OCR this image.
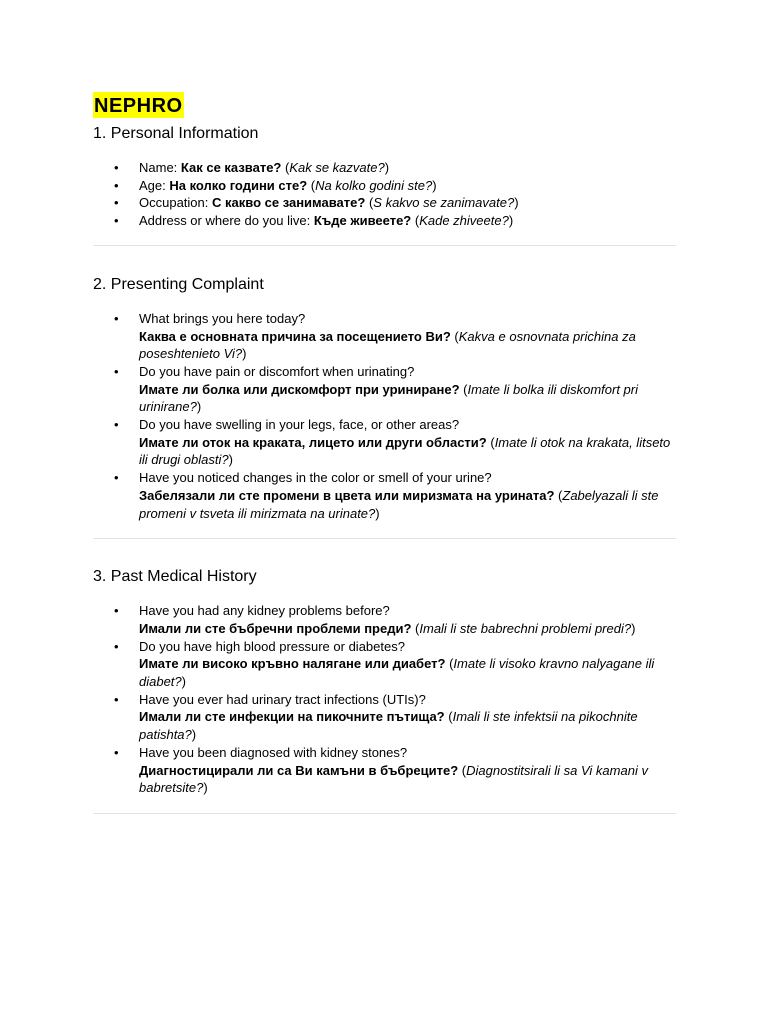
NEPHRO
1. Personal Information
• Name: Как се казвате? (Kak se kazvate?)
• Age: На колко години сте? (Na kolko godini ste?)
• Occupation: С какво се занимавате? (S kakvo se zanimavate?)
• Address or where do you live: Къде живеете? (Kade zhiveete?)
2. Presenting Complaint
• What brings you here today?
Каква е основната причина за посещението Ви? (Kakva e osnovnata prichina za poseshtenieto Vi?)
• Do you have pain or discomfort when urinating?
Имате ли болка или дискомфорт при уриниране? (Imate li bolka ili diskomfort pri urinirane?)
• Do you have swelling in your legs, face, or other areas?
Имате ли оток на краката, лицето или други области? (Imate li otok na krakata, litseto ili drugi oblasti?)
• Have you noticed changes in the color or smell of your urine?
Забелязали ли сте промени в цвета или миризмата на урината? (Zabelyazali li ste promeni v tsveta ili mirizmata na urinate?)
3. Past Medical History
• Have you had any kidney problems before?
Имали ли сте бъбречни проблеми преди? (Imali li ste babrechni problemi predi?)
• Do you have high blood pressure or diabetes?
Имате ли високо кръвно налягане или диабет? (Imate li visoko kravno nalyagane ili diabet?)
• Have you ever had urinary tract infections (UTIs)?
Имали ли сте инфекции на пикочните пътища? (Imali li ste infektsii na pikochnite patishta?)
• Have you been diagnosed with kidney stones?
Диагностицирали ли са Ви камъни в бъбреците? (Diagnostitsirali li sa Vi kamani v babretsite?)
